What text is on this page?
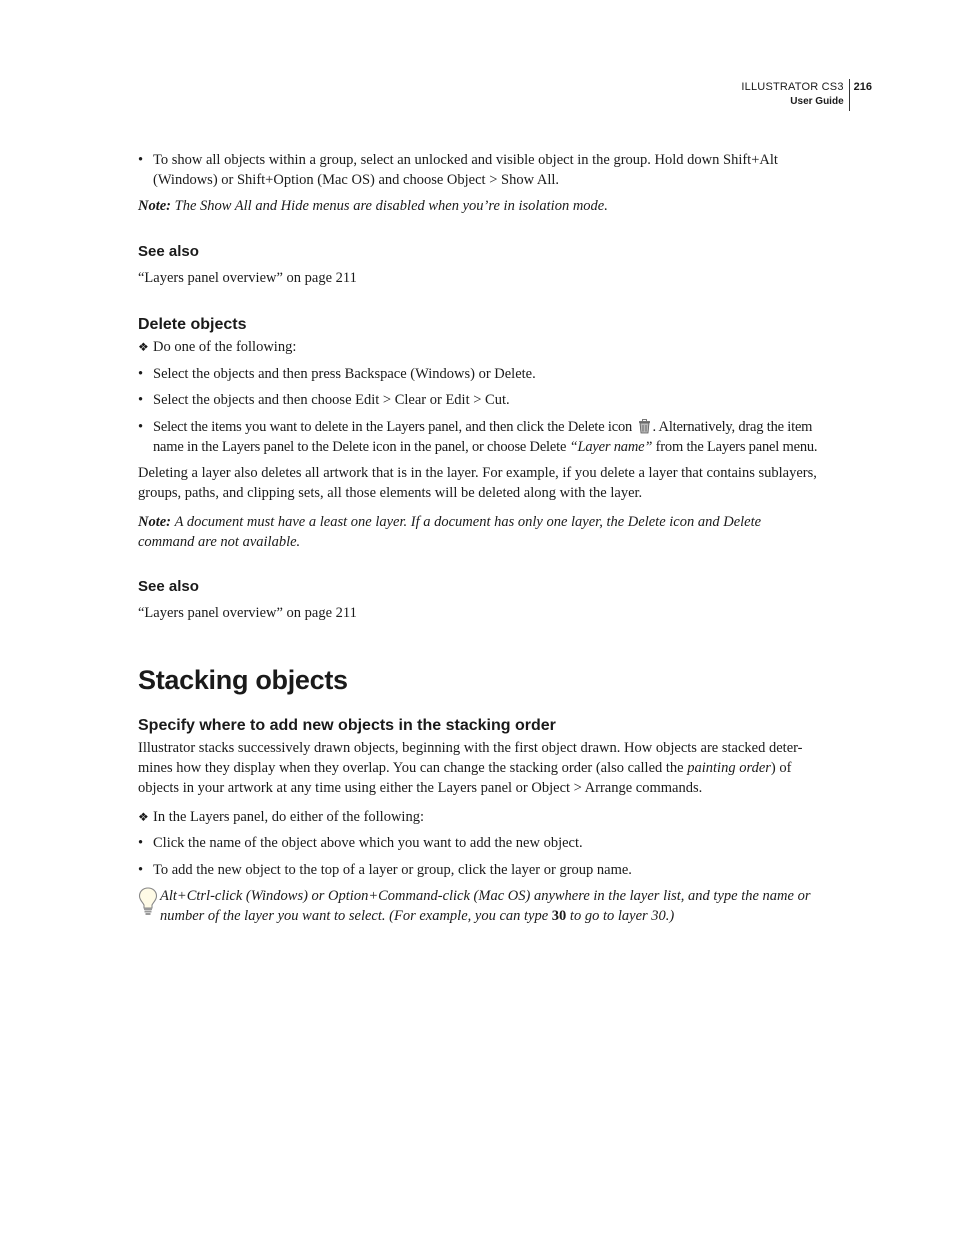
ILLUSTRATOR CS3
User Guide
216
• To show all objects within a group, select an unlocked and visible object in the group. Hold down Shift+Alt (Windows) or Shift+Option (Mac OS) and choose Object > Show All.

Note: The Show All and Hide menus are disabled when you’re in isolation mode.

See also

“Layers panel overview” on page 211

Delete objects
❖ Do one of the following:
• Select the objects and then press Backspace (Windows) or Delete.
• Select the objects and then choose Edit > Clear or Edit > Cut.
• Select the items you want to delete in the Layers panel, and then click the Delete icon . Alternatively, drag the item name in the Layers panel to the Delete icon in the panel, or choose Delete “Layer name” from the Layers panel menu.

Deleting a layer also deletes all artwork that is in the layer. For example, if you delete a layer that contains sublayers, groups, paths, and clipping sets, all those elements will be deleted along with the layer.

Note: A document must have a least one layer. If a document has only one layer, the Delete icon and Delete command are not available.

See also

“Layers panel overview” on page 211

Stacking objects
Specify where to add new objects in the stacking order

Illustrator stacks successively drawn objects, beginning with the first object drawn. How objects are stacked deter-mines how they display when they overlap. You can change the stacking order (also called the painting order) of objects in your artwork at any time using either the Layers panel or Object > Arrange commands.

❖ In the Layers panel, do either of the following:
• Click the name of the object above which you want to add the new object.
• To add the new object to the top of a layer or group, click the layer or group name.
Alt+Ctrl-click (Windows) or Option+Command-click (Mac OS) anywhere in the layer list, and type the name or number of the layer you want to select. (For example, you can type 30 to go to layer 30.)
